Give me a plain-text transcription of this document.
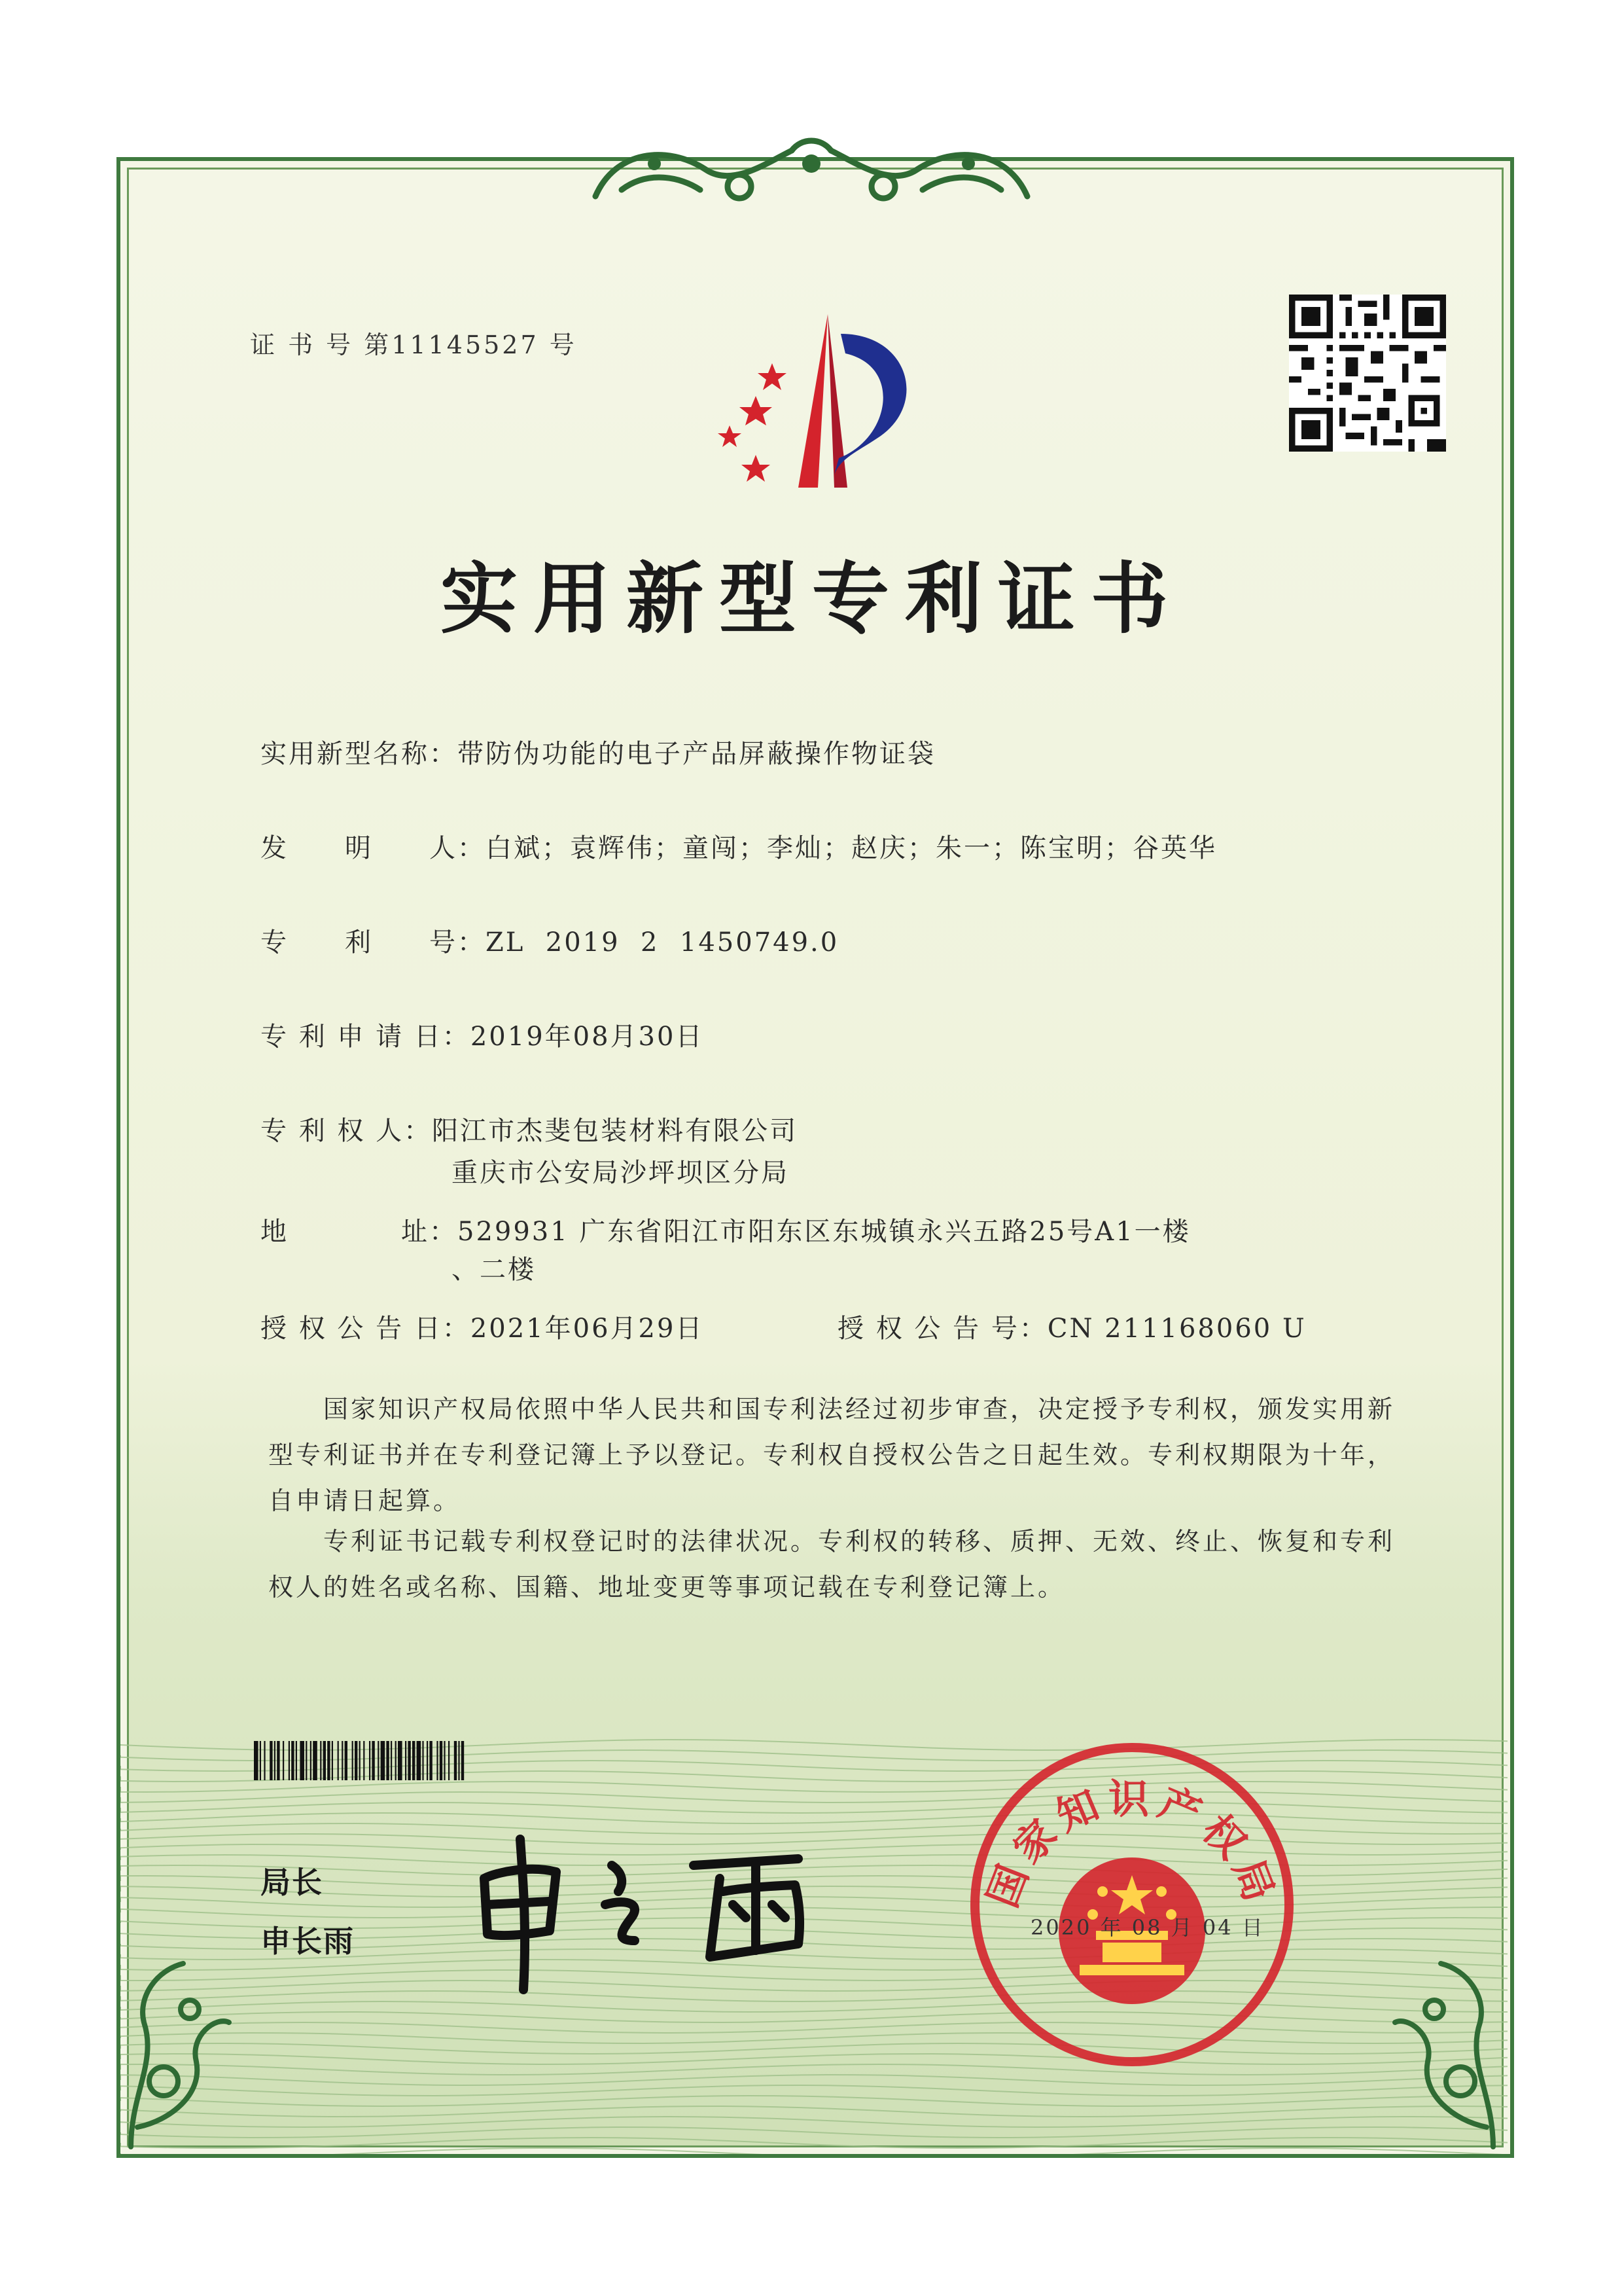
证 书 号 第11145527 号
实用新型专利证书
实用新型名称：带防伪功能的电子产品屏蔽操作物证袋
发　　明　　人：白斌；袁辉伟；童闯；李灿；赵庆；朱一；陈宝明；谷英华
专　　利　　号：ZL  2019  2  1450749.0
专 利 申 请 日：2019年08月30日
专 利 权 人：阳江市杰斐包装材料有限公司
重庆市公安局沙坪坝区分局
地　　　　址：529931 广东省阳江市阳东区东城镇永兴五路25号A1一楼
、二楼
授 权 公 告 日：2021年06月29日	授 权 公 告 号：CN 211168060 U
　　国家知识产权局依照中华人民共和国专利法经过初步审查，决定授予专利权，颁发实用新型专利证书并在专利登记簿上予以登记。专利权自授权公告之日起生效。专利权期限为十年，自申请日起算。
　　专利证书记载专利权登记时的法律状况。专利权的转移、质押、无效、终止、恢复和专利权人的姓名或名称、国籍、地址变更等事项记载在专利登记簿上。
局长
申长雨
国家知识产权局
2020 年 08 月 04 日
